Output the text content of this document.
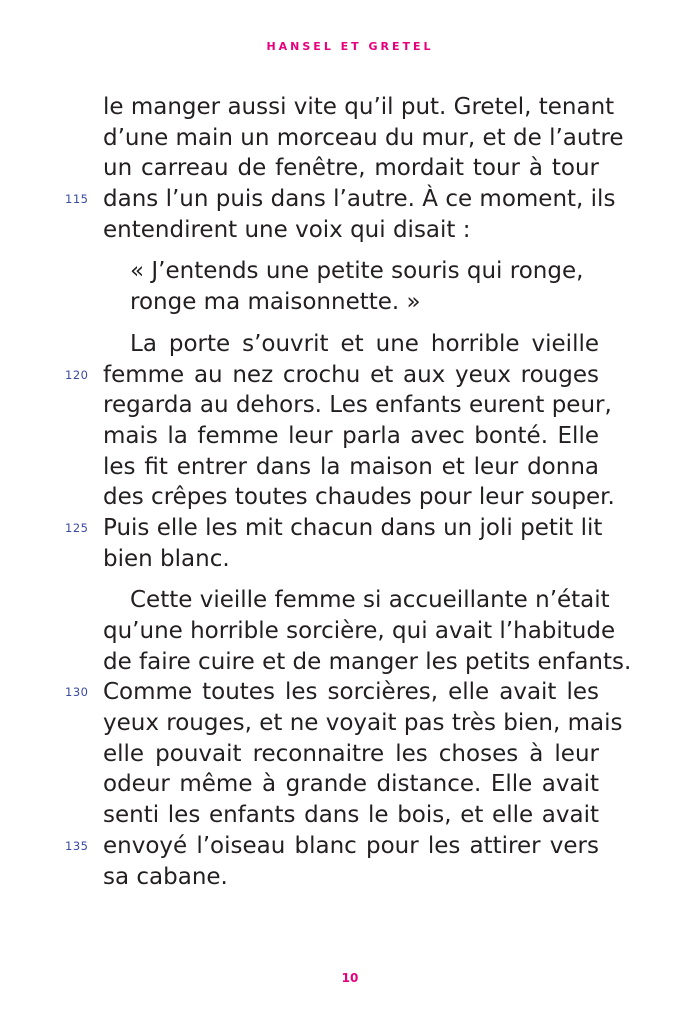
HANSEL ET GRETEL
le manger aussi vite qu’il put. Gretel, tenant
d’une main un morceau du mur, et de l’autre
un carreau de fenêtre, mordait tour à tour
115 dans l’un puis dans l’autre. À ce moment, ils
entendirent une voix qui disait :
« J’entends une petite souris qui ronge,
ronge ma maisonnette. »
La porte s’ouvrit et une horrible vieille
120 femme au nez crochu et aux yeux rouges
regarda au dehors. Les enfants eurent peur,
mais la femme leur parla avec bonté. Elle
les fit entrer dans la maison et leur donna
des crêpes toutes chaudes pour leur souper.
125 Puis elle les mit chacun dans un joli petit lit
bien blanc.
Cette vieille femme si accueillante n’était
qu’une horrible sorcière, qui avait l’habitude
de faire cuire et de manger les petits enfants.
130 Comme toutes les sorcières, elle avait les
yeux rouges, et ne voyait pas très bien, mais
elle pouvait reconnaitre les choses à leur
odeur même à grande distance. Elle avait
senti les enfants dans le bois, et elle avait
135 envoyé l’oiseau blanc pour les attirer vers
sa cabane.
10
